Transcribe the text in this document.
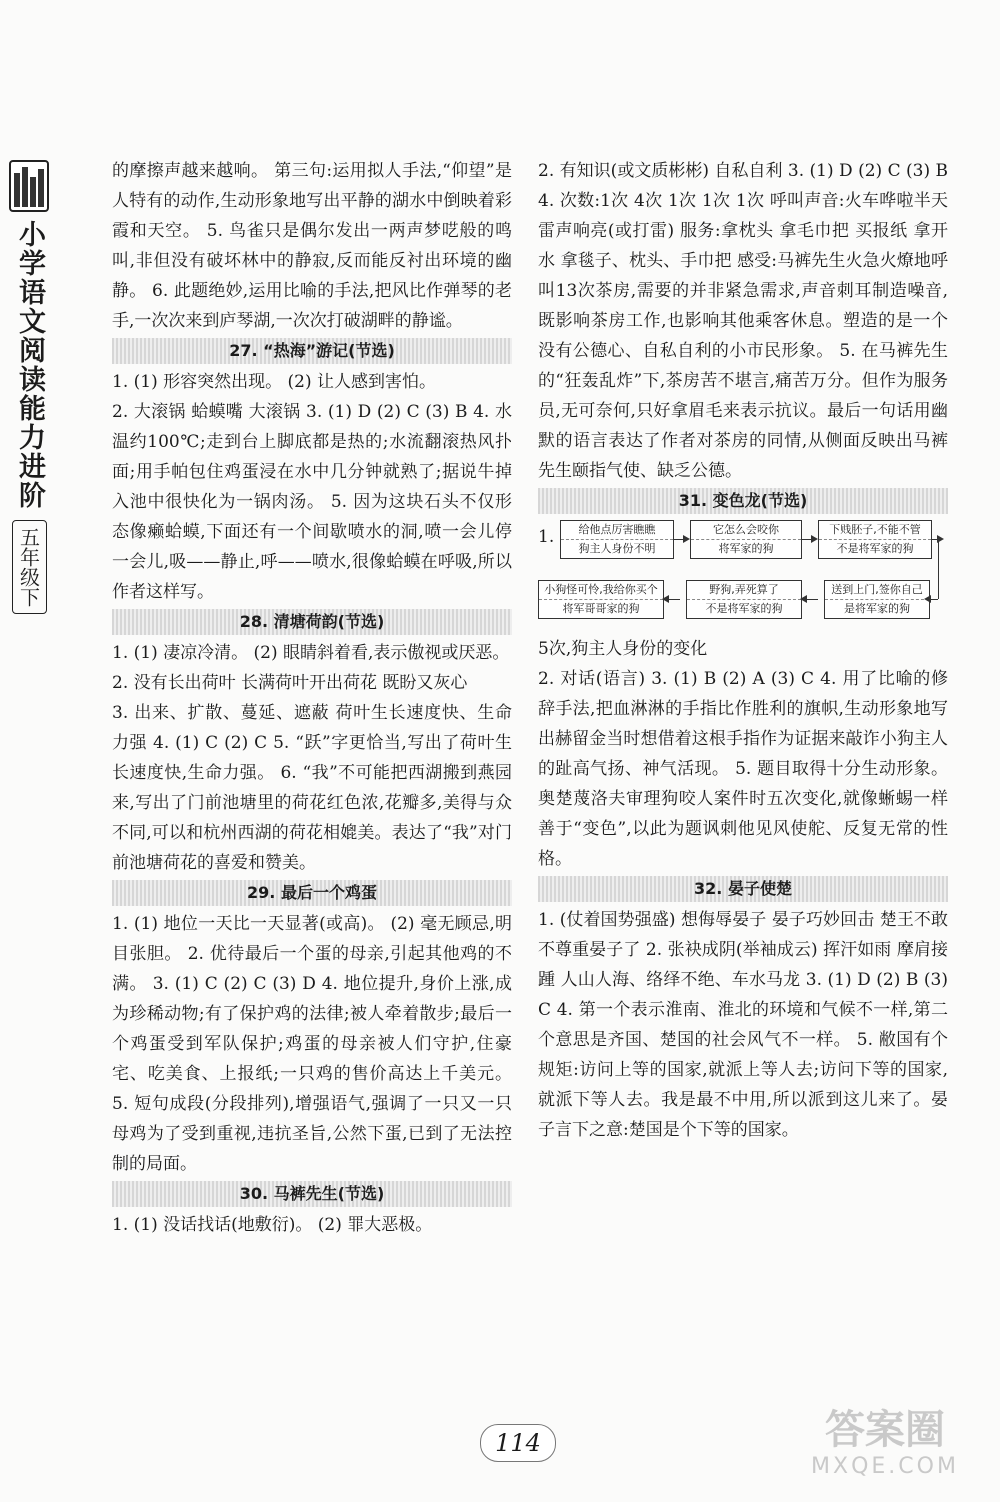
小学语文阅读能力进阶
五年级下

的摩擦声越来越响。 第三句:运用拟人手法,“仰望”是人特有的动作,生动形象地写出平静的湖水中倒映着彩霞和天空。 5. 鸟雀只是偶尔发出一两声梦呓般的鸣叫,非但没有破坏林中的静寂,反而能反衬出环境的幽静。 6. 此题绝妙,运用比喻的手法,把风比作弹琴的老手,一次次来到庐琴湖,一次次打破湖畔的静谧。

27. “热海”游记(节选)

1. (1) 形容突然出现。 (2) 让人感到害怕。

2. 大滚锅 蛤蟆嘴 大滚锅 3. (1) D (2) C (3) B 4. 水温约100℃;走到台上脚底都是热的;水流翻滚热风扑面;用手帕包住鸡蛋浸在水中几分钟就熟了;据说牛掉入池中很快化为一锅肉汤。 5. 因为这块石头不仅形态像癞蛤蟆,下面还有一个间歇喷水的洞,喷一会儿停一会儿,吸——静止,呼——喷水,很像蛤蟆在呼吸,所以作者这样写。

28. 清塘荷韵(节选)

1. (1) 凄凉冷清。 (2) 眼睛斜着看,表示傲视或厌恶。

2. 没有长出荷叶 长满荷叶开出荷花 既盼又灰心

3. 出来、扩散、蔓延、遮蔽 荷叶生长速度快、生命力强 4. (1) C (2) C 5. “跃”字更恰当,写出了荷叶生长速度快,生命力强。 6. “我”不可能把西湖搬到燕园来,写出了门前池塘里的荷花红色浓,花瓣多,美得与众不同,可以和杭州西湖的荷花相媲美。表达了“我”对门前池塘荷花的喜爱和赞美。

29. 最后一个鸡蛋

1. (1) 地位一天比一天显著(或高)。 (2) 毫无顾忌,明目张胆。 2. 优待最后一个蛋的母亲,引起其他鸡的不满。 3. (1) C (2) C (3) D 4. 地位提升,身价上涨,成为珍稀动物;有了保护鸡的法律;被人牵着散步;最后一个鸡蛋受到军队保护;鸡蛋的母亲被人们守护,住豪宅、吃美食、上报纸;一只鸡的售价高达上千美元。 5. 短句成段(分段排列),增强语气,强调了一只又一只母鸡为了受到重视,违抗圣旨,公然下蛋,已到了无法控制的局面。

30. 马裤先生(节选)

1. (1) 没话找话(地敷衍)。 (2) 罪大恶极。

2. 有知识(或文质彬彬) 自私自利 3. (1) D (2) C (3) B 4. 次数:1次 4次 1次 1次 1次 呼叫声音:火车哗啦半天 雷声响亮(或打雷) 服务:拿枕头 拿毛巾把 买报纸 拿开水 拿毯子、枕头、手巾把 感受:马裤先生火急火燎地呼叫13次茶房,需要的并非紧急需求,声音刺耳制造噪音,既影响茶房工作,也影响其他乘客休息。塑造的是一个没有公德心、自私自利的小市民形象。 5. 在马裤先生的“狂轰乱炸”下,茶房苦不堪言,痛苦万分。但作为服务员,无可奈何,只好拿眉毛来表示抗议。最后一句话用幽默的语言表达了作者对茶房的同情,从侧面反映出马裤先生颐指气使、缺乏公德。

31. 变色龙(节选)
1.	给他点厉害瞧瞧
狗主人身份不明
它怎么会咬你
将军家的狗
下贱胚子,不能不管
不是将军家的狗
小狗怪可怜,我给你买个
将军哥哥家的狗
野狗,弄死算了
不是将军家的狗
送到上门,签你自己
是将军家的狗

5次,狗主人身份的变化

2. 对话(语言) 3. (1) B (2) A (3) C 4. 用了比喻的修辞手法,把血淋淋的手指比作胜利的旗帜,生动形象地写出赫留金当时想借着这根手指作为证据来敲诈小狗主人的趾高气扬、神气活现。 5. 题目取得十分生动形象。奥楚蔑洛夫审理狗咬人案件时五次变化,就像蜥蜴一样善于“变色”,以此为题讽刺他见风使舵、反复无常的性格。

32. 晏子使楚

1. (仗着国势强盛) 想侮辱晏子 晏子巧妙回击 楚王不敢不尊重晏子了 2. 张袂成阴(举袖成云) 挥汗如雨 摩肩接踵 人山人海、络绎不绝、车水马龙 3. (1) D (2) B (3) C 4. 第一个表示淮南、淮北的环境和气候不一样,第二个意思是齐国、楚国的社会风气不一样。 5. 敝国有个规矩:访问上等的国家,就派上等人去;访问下等的国家,就派下等人去。我是最不中用,所以派到这儿来了。晏子言下之意:楚国是个下等的国家。

114	答案圈
MXQE.COM
